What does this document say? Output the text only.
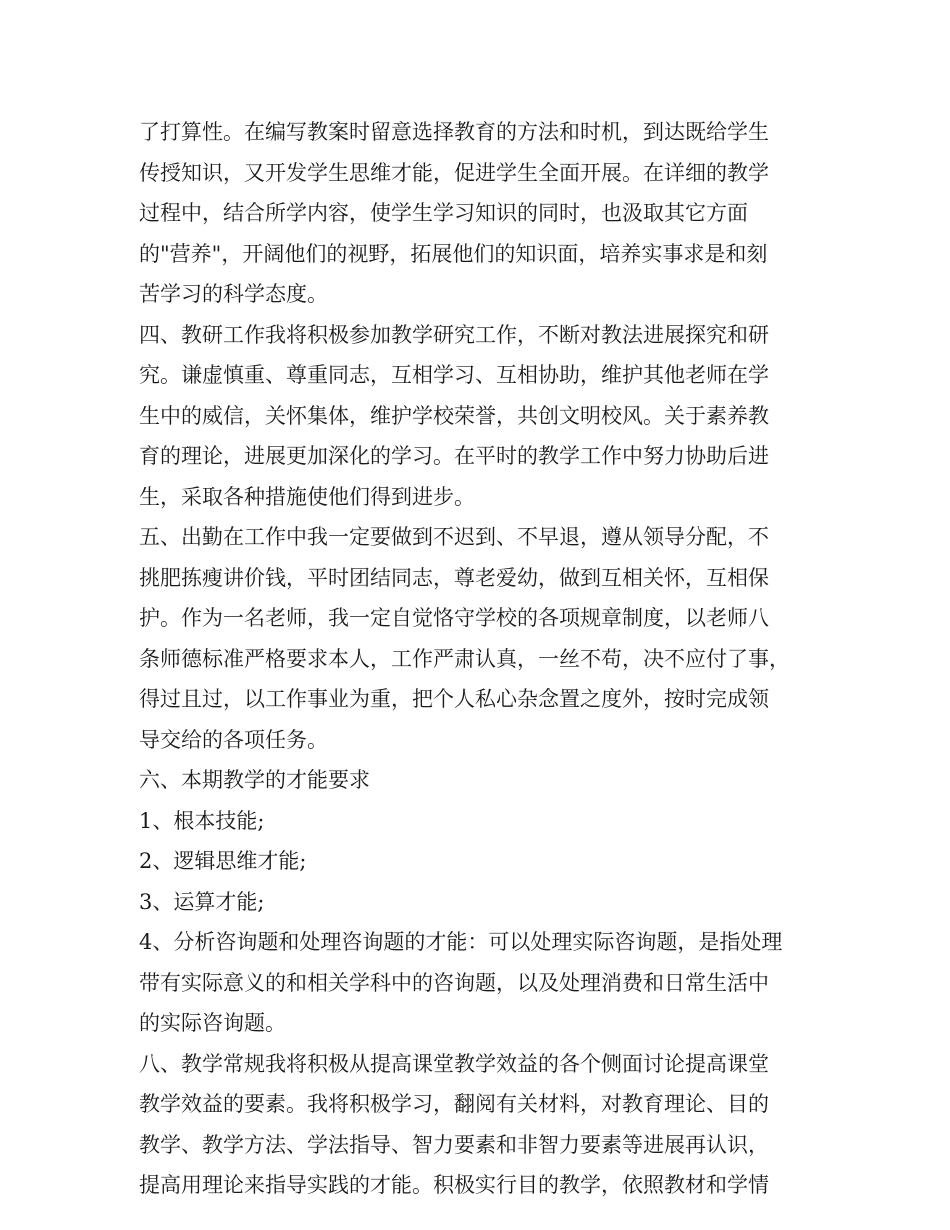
了打算性。在编写教案时留意选择教育的方法和时机，到达既给学生
传授知识，又开发学生思维才能，促进学生全面开展。在详细的教学
过程中，结合所学内容，使学生学习知识的同时，也汲取其它方面
的"营养"，开阔他们的视野，拓展他们的知识面，培养实事求是和刻
苦学习的科学态度。
四、教研工作我将积极参加教学研究工作，不断对教法进展探究和研
究。谦虚慎重、尊重同志，互相学习、互相协助，维护其他老师在学
生中的威信，关怀集体，维护学校荣誉，共创文明校风。关于素养教
育的理论，进展更加深化的学习。在平时的教学工作中努力协助后进
生，采取各种措施使他们得到进步。
五、出勤在工作中我一定要做到不迟到、不早退，遵从领导分配，不
挑肥拣瘦讲价钱，平时团结同志，尊老爱幼，做到互相关怀，互相保
护。作为一名老师，我一定自觉恪守学校的各项规章制度，以老师八
条师德标准严格要求本人，工作严肃认真，一丝不苟，决不应付了事，
得过且过，以工作事业为重，把个人私心杂念置之度外，按时完成领
导交给的各项任务。
六、本期教学的才能要求
1、根本技能;
2、逻辑思维才能;
3、运算才能;
4、分析咨询题和处理咨询题的才能：可以处理实际咨询题，是指处理
带有实际意义的和相关学科中的咨询题，以及处理消费和日常生活中
的实际咨询题。
八、教学常规我将积极从提高课堂教学效益的各个侧面讨论提高课堂
教学效益的要素。我将积极学习，翻阅有关材料，对教育理论、目的
教学、教学方法、学法指导、智力要素和非智力要素等进展再认识，
提高用理论来指导实践的才能。积极实行目的教学，依照教材和学情
